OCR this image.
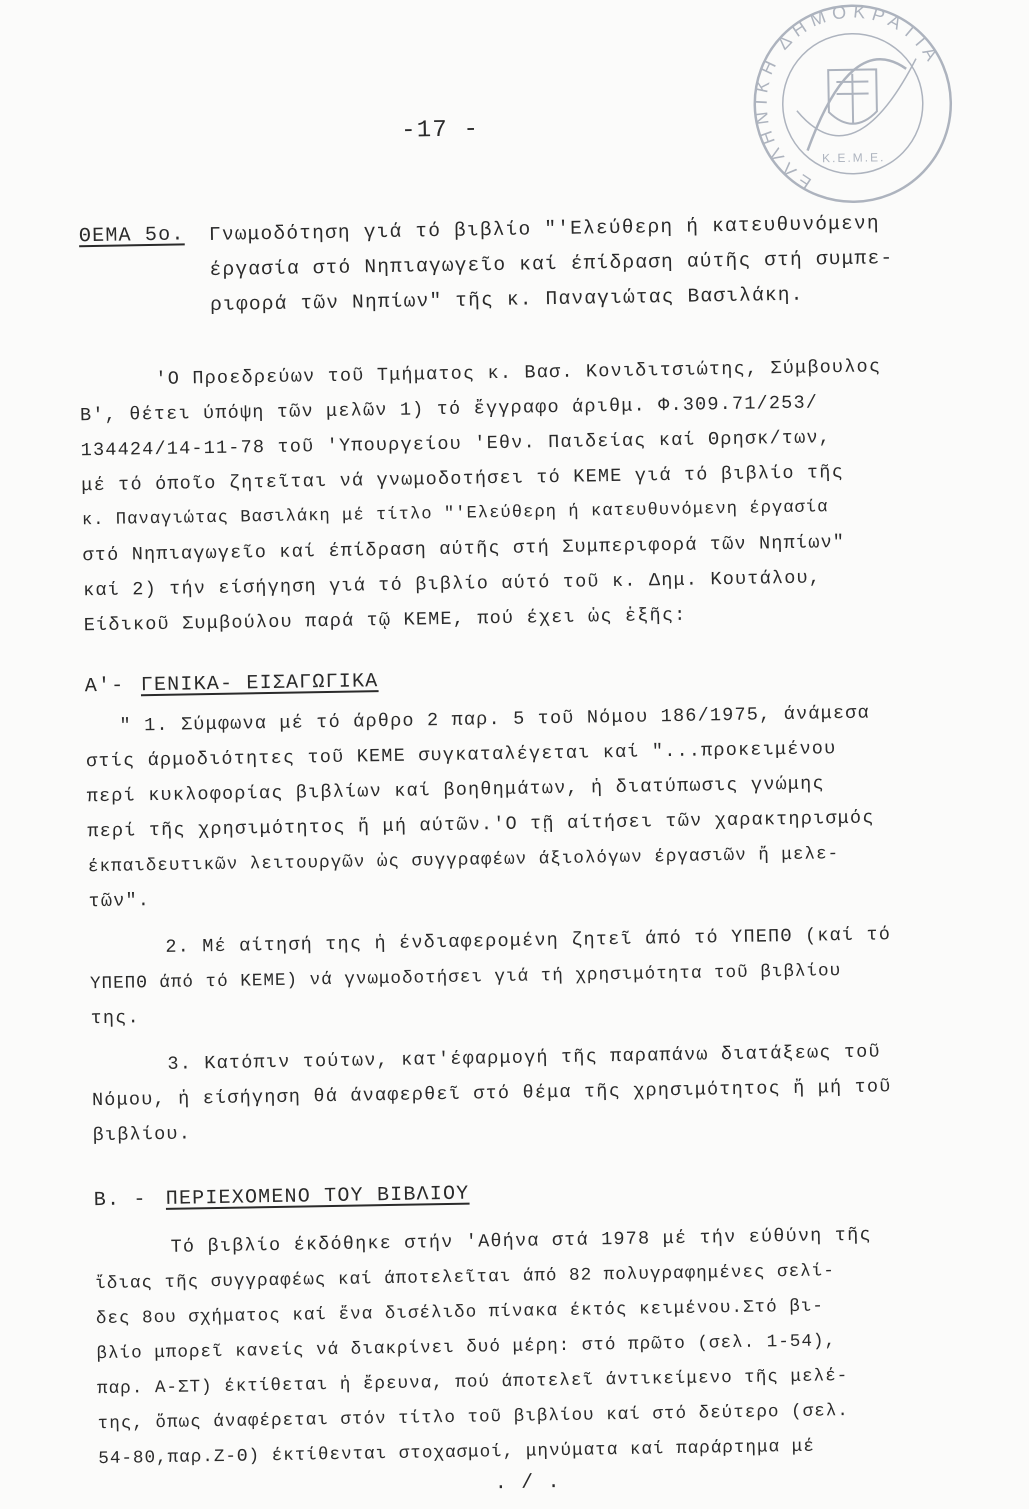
ΕΛΛΗΝΙΚΗ ΔΗΜΟΚΡΑΤΙΑ
Κ.Ε.Μ.Ε.
-17 -
ΘΕΜΑ 5ο. Γνωμοδότηση γιά τό βιβλίο "'Ελεύθερη ή κατευθυνόμενη
έργασία στό Νηπιαγωγεῖο καί έπίδραση αύτῆς στή συμπε-
ριφορά τῶν Νηπίων" τῆς κ. Παναγιώτας Βασιλάκη.
'Ο Προεδρεύων τοῦ Τμήματος κ. Βασ. Κονιδιτσιώτης, Σύμβουλος
Β', θέτει ύπόψη τῶν μελῶν 1) τό ἔγγραφο άριθμ. Φ.309.71/253/
134424/14-11-78 τοῦ 'Υπουργείου 'Εθν. Παιδείας καί Θρησκ/των,
μέ τό όποῖο ζητεῖται νά γνωμοδοτήσει τό ΚΕΜΕ γιά τό βιβλίο τῆς
κ. Παναγιώτας Βασιλάκη μέ τίτλο "'Ελεύθερη ή κατευθυνόμενη έργασία
στό Νηπιαγωγεῖο καί έπίδραση αύτῆς στή Συμπεριφορά τῶν Νηπίων"
καί 2) τήν είσήγηση γιά τό βιβλίο αύτό τοῦ κ. Δημ. Κουτάλου,
Είδικοῦ Συμβούλου παρά τῷ ΚΕΜΕ, πού έχει ὡς ἑξῆς:
Α'- ΓΕΝΙΚΑ- ΕΙΣΑΓΩΓΙΚΑ
" 1. Σύμφωνα μέ τό άρθρο 2 παρ. 5 τοῦ Νόμου 186/1975, άνάμεσα
στίς άρμοδιότητες τοῦ ΚΕΜΕ συγκαταλέγεται καί "...προκειμένου
περί κυκλοφορίας βιβλίων καί βοηθημάτων, ἡ διατύπωσις γνώμης
περί τῆς χρησιμότητος ἤ μή αύτῶν.'Ο τῇ αίτήσει τῶν χαρακτηρισμός
έκπαιδευτικῶν λειτουργῶν ὡς συγγραφέων άξιολόγων έργασιῶν ἤ μελε-
τῶν".
2. Μέ αίτησή της ἡ ένδιαφερομένη ζητεῖ άπό τό ΥΠΕΠΘ (καί τό
ΥΠΕΠΘ άπό τό ΚΕΜΕ) νά γνωμοδοτήσει γιά τή χρησιμότητα τοῦ βιβλίου
της.
3. Κατόπιν τούτων, κατ'έφαρμογή τῆς παραπάνω διατάξεως τοῦ
Νόμου, ἡ είσήγηση θά άναφερθεῖ στό θέμα τῆς χρησιμότητος ἤ μή τοῦ
βιβλίου.
Β. - ΠΕΡΙΕΧΟΜΕΝΟ ΤΟΥ ΒΙΒΛΙΟΥ
Τό βιβλίο έκδόθηκε στήν 'Αθήνα στά 1978 μέ τήν εύθύνη τῆς
ἴδιας τῆς συγγραφέως καί άποτελεῖται άπό 82 πολυγραφημένες σελί-
δες 8ου σχήματος καί ἕνα δισέλιδο πίνακα έκτός κειμένου.Στό βι-
βλίο μπορεῖ κανείς νά διακρίνει δυό μέρη: στό πρῶτο (σελ. 1-54),
παρ. Α-ΣΤ) έκτίθεται ἡ ἔρευνα, πού άποτελεῖ άντικείμενο τῆς μελέ-
της, ὅπως άναφέρεται στόν τίτλο τοῦ βιβλίου καί στό δεύτερο (σελ.
54-80,παρ.Ζ-Θ) έκτίθενται στοχασμοί, μηνύματα καί παράρτημα μέ
. / .
